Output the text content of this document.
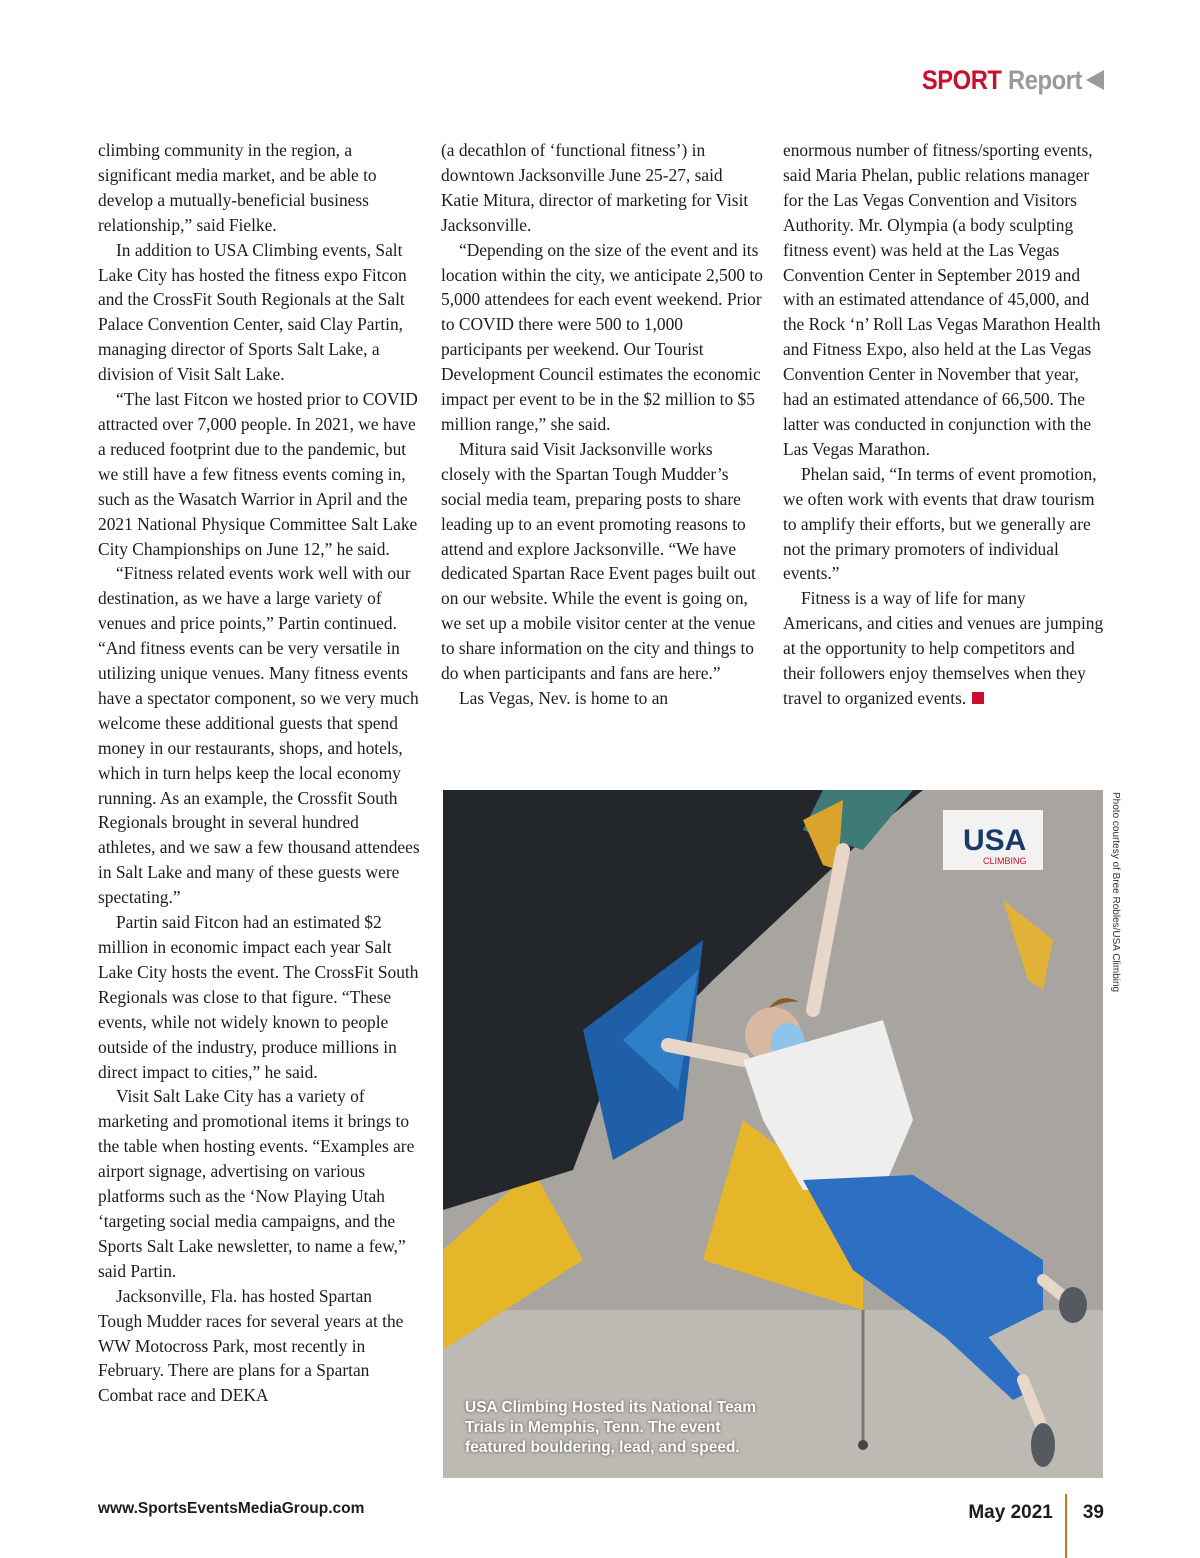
SPORT Report

climbing community in the region, a significant media market, and be able to develop a mutually-beneficial business relationship,” said Fielke.

In addition to USA Climbing events, Salt Lake City has hosted the fitness expo Fitcon and the CrossFit South Regionals at the Salt Palace Convention Center, said Clay Partin, managing director of Sports Salt Lake, a division of Visit Salt Lake.

“The last Fitcon we hosted prior to COVID attracted over 7,000 people. In 2021, we have a reduced footprint due to the pandemic, but we still have a few fitness events coming in, such as the Wasatch Warrior in April and the 2021 National Physique Committee Salt Lake City Championships on June 12,” he said.

“Fitness related events work well with our destination, as we have a large variety of venues and price points,” Partin continued. “And fitness events can be very versatile in utilizing unique venues. Many fitness events have a spectator component, so we very much welcome these additional guests that spend money in our restaurants, shops, and hotels, which in turn helps keep the local economy running. As an example, the Crossfit South Regionals brought in several hundred athletes, and we saw a few thousand attendees in Salt Lake and many of these guests were spectating.”

Partin said Fitcon had an estimated $2 million in economic impact each year Salt Lake City hosts the event. The CrossFit South Regionals was close to that figure. “These events, while not widely known to people outside of the industry, produce millions in direct impact to cities,” he said.

Visit Salt Lake City has a variety of marketing and promotional items it brings to the table when hosting events. “Examples are airport signage, advertising on various platforms such as the ‘Now Playing Utah ‘targeting social media campaigns, and the Sports Salt Lake newsletter, to name a few,” said Partin.

Jacksonville, Fla. has hosted Spartan Tough Mudder races for several years at the WW Motocross Park, most recently in February. There are plans for a Spartan Combat race and DEKA

(a decathlon of ‘functional fitness’) in downtown Jacksonville June 25-27, said Katie Mitura, director of marketing for Visit Jacksonville.

“Depending on the size of the event and its location within the city, we anticipate 2,500 to 5,000 attendees for each event weekend. Prior to COVID there were 500 to 1,000 participants per weekend. Our Tourist Development Council estimates the economic impact per event to be in the $2 million to $5 million range,” she said.

Mitura said Visit Jacksonville works closely with the Spartan Tough Mudder’s social media team, preparing posts to share leading up to an event promoting reasons to attend and explore Jacksonville. “We have dedicated Spartan Race Event pages built out on our website. While the event is going on, we set up a mobile visitor center at the venue to share information on the city and things to do when participants and fans are here.”

Las Vegas, Nev. is home to an

enormous number of fitness/sporting events, said Maria Phelan, public relations manager for the Las Vegas Convention and Visitors Authority. Mr. Olympia (a body sculpting fitness event) was held at the Las Vegas Convention Center in September 2019 and with an estimated attendance of 45,000, and the Rock ‘n’ Roll Las Vegas Marathon Health and Fitness Expo, also held at the Las Vegas Convention Center in November that year, had an estimated attendance of 66,500. The latter was conducted in conjunction with the Las Vegas Marathon.

Phelan said, “In terms of event promotion, we often work with events that draw tourism to amplify their efforts, but we generally are not the primary promoters of individual events.”

Fitness is a way of life for many Americans, and cities and venues are jumping at the opportunity to help competitors and their followers enjoy themselves when they travel to organized events.

USA
CLIMBING
USA Climbing Hosted its National Team Trials in Memphis, Tenn. The event featured bouldering, lead, and speed.
Photo courtesy of Bree Robles/USA Climbing
www.SportsEventsMediaGroup.com	May 2021	39
